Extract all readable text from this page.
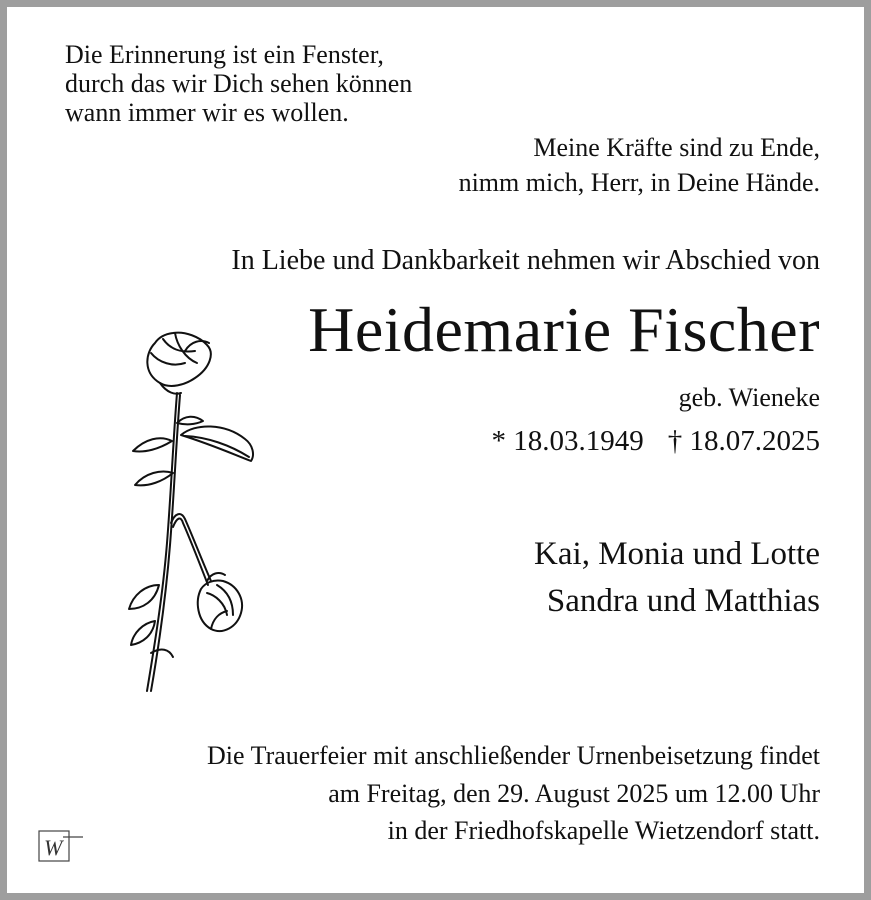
Die Erinnerung ist ein Fenster,
durch das wir Dich sehen können
wann immer wir es wollen.
Meine Kräfte sind zu Ende,
nimm mich, Herr, in Deine Hände.
In Liebe und Dankbarkeit nehmen wir Abschied von
Heidemarie Fischer
geb. Wieneke
* 18.03.1949 † 18.07.2025
Kai, Monia und Lotte
Sandra und Matthias
Die Trauerfeier mit anschließender Urnenbeisetzung findet
am Freitag, den 29. August 2025 um 12.00 Uhr
in der Friedhofskapelle Wietzendorf statt.
W
